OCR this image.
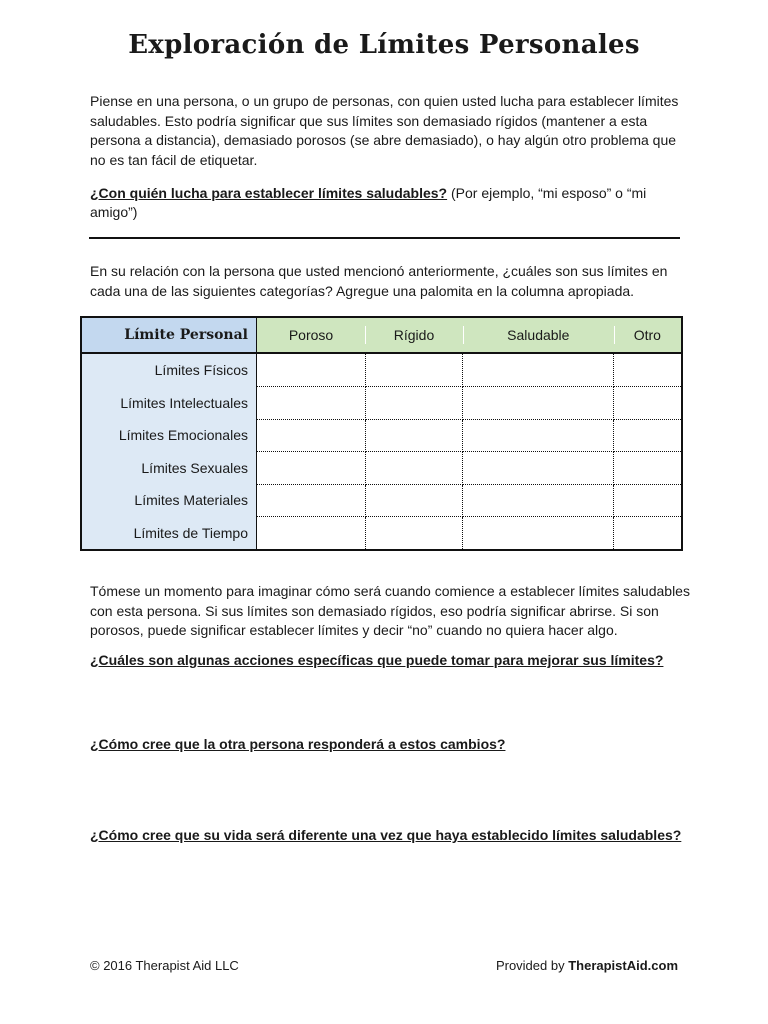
Exploración de Límites Personales

Piense en una persona, o un grupo de personas, con quien usted lucha para establecer límites saludables. Esto podría significar que sus límites son demasiado rígidos (mantener a esta persona a distancia), demasiado porosos (se abre demasiado), o hay algún otro problema que no es tan fácil de etiquetar.

¿Con quién lucha para establecer límites saludables? (Por ejemplo, “mi esposo” o “mi amigo”)

En su relación con la persona que usted mencionó anteriormente, ¿cuáles son sus límites en cada una de las siguientes categorías? Agregue una palomita en la columna apropiada.

Límite Personal	Poroso	Rígido	Saludable	Otro
Límites Físicos				
Límites Intelectuales				
Límites Emocionales				
Límites Sexuales				
Límites Materiales				
Límites de Tiempo				

Tómese un momento para imaginar cómo será cuando comience a establecer límites saludables con esta persona. Si sus límites son demasiado rígidos, eso podría significar abrirse. Si son porosos, puede significar establecer límites y decir “no” cuando no quiera hacer algo.

¿Cuáles son algunas acciones específicas que puede tomar para mejorar sus límites?

¿Cómo cree que la otra persona responderá a estos cambios?

¿Cómo cree que su vida será diferente una vez que haya establecido límites saludables?

© 2016 Therapist Aid LLC	Provided by TherapistAid.com
